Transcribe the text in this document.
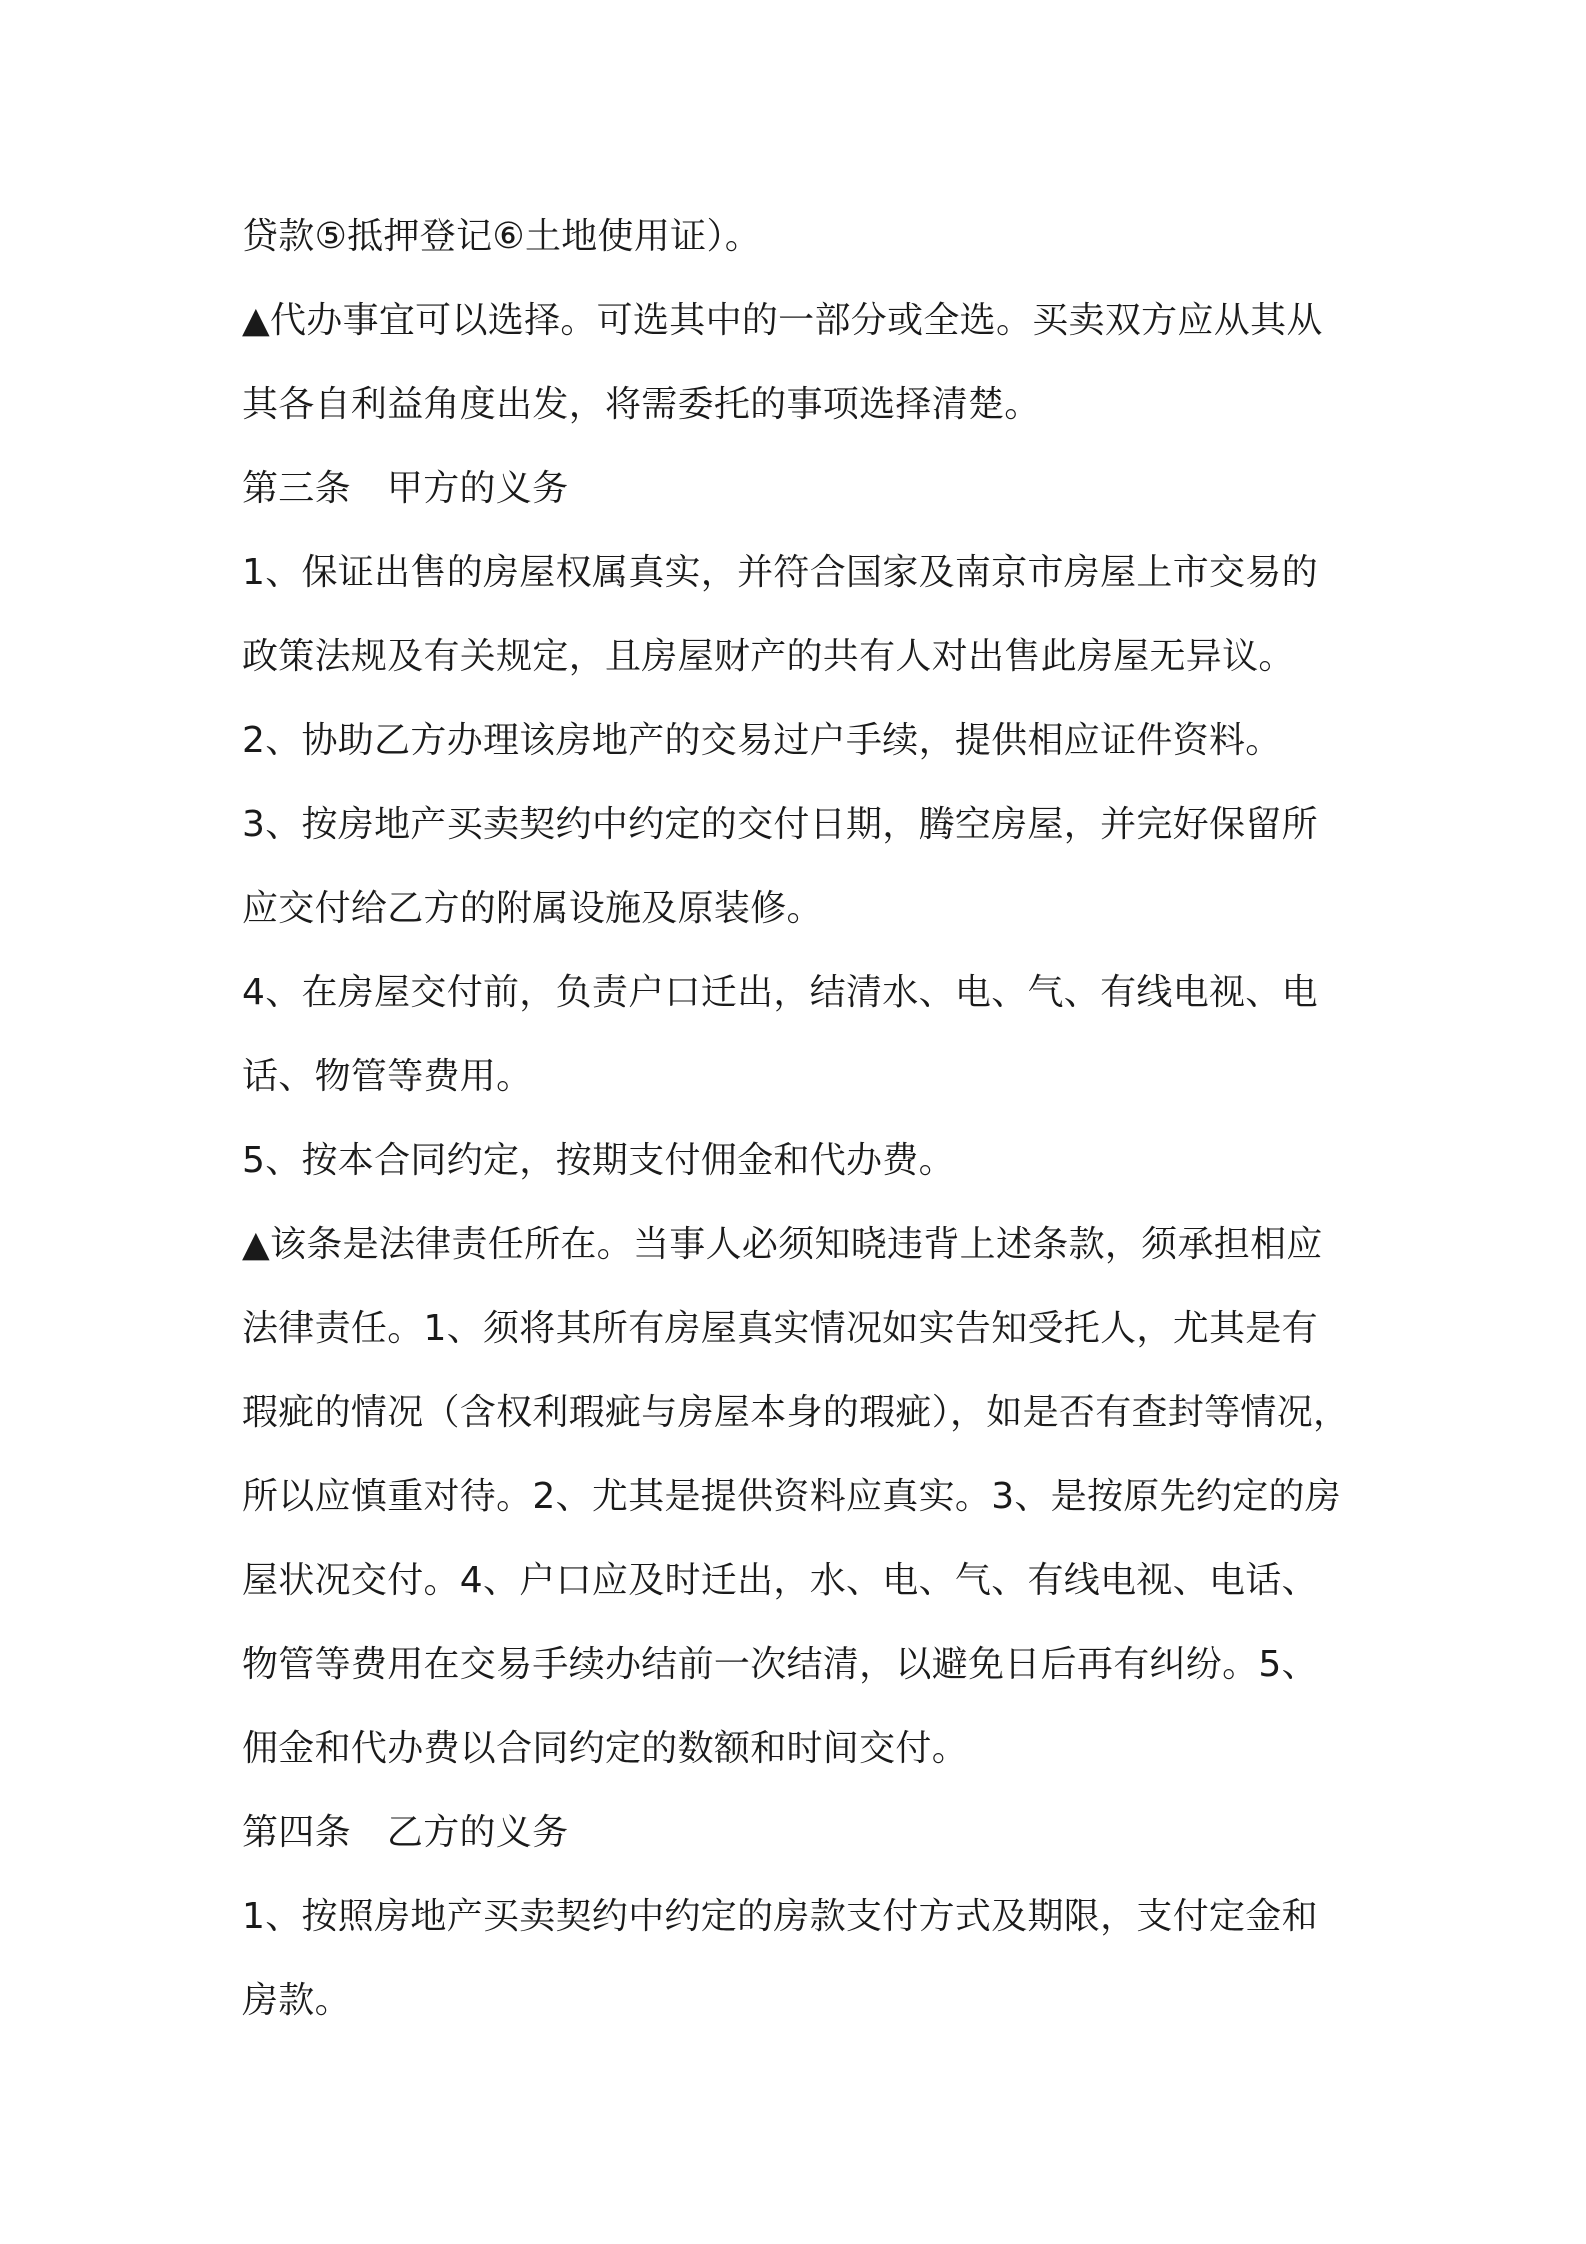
贷款⑤抵押登记⑥土地使用证）。
▲代办事宜可以选择。可选其中的一部分或全选。买卖双方应从其从
其各自利益角度出发，将需委托的事项选择清楚。
第三条 甲方的义务
1、保证出售的房屋权属真实，并符合国家及南京市房屋上市交易的
政策法规及有关规定，且房屋财产的共有人对出售此房屋无异议。
2、协助乙方办理该房地产的交易过户手续，提供相应证件资料。
3、按房地产买卖契约中约定的交付日期，腾空房屋，并完好保留所
应交付给乙方的附属设施及原装修。
4、在房屋交付前，负责户口迁出，结清水、电、气、有线电视、电
话、物管等费用。
5、按本合同约定，按期支付佣金和代办费。
▲该条是法律责任所在。当事人必须知晓违背上述条款，须承担相应
法律责任。1、须将其所有房屋真实情况如实告知受托人，尤其是有
瑕疵的情况（含权利瑕疵与房屋本身的瑕疵），如是否有查封等情况，
所以应慎重对待。2、尤其是提供资料应真实。3、是按原先约定的房
屋状况交付。4、户口应及时迁出，水、电、气、有线电视、电话、
物管等费用在交易手续办结前一次结清，以避免日后再有纠纷。5、
佣金和代办费以合同约定的数额和时间交付。
第四条 乙方的义务
1、按照房地产买卖契约中约定的房款支付方式及期限，支付定金和
房款。
